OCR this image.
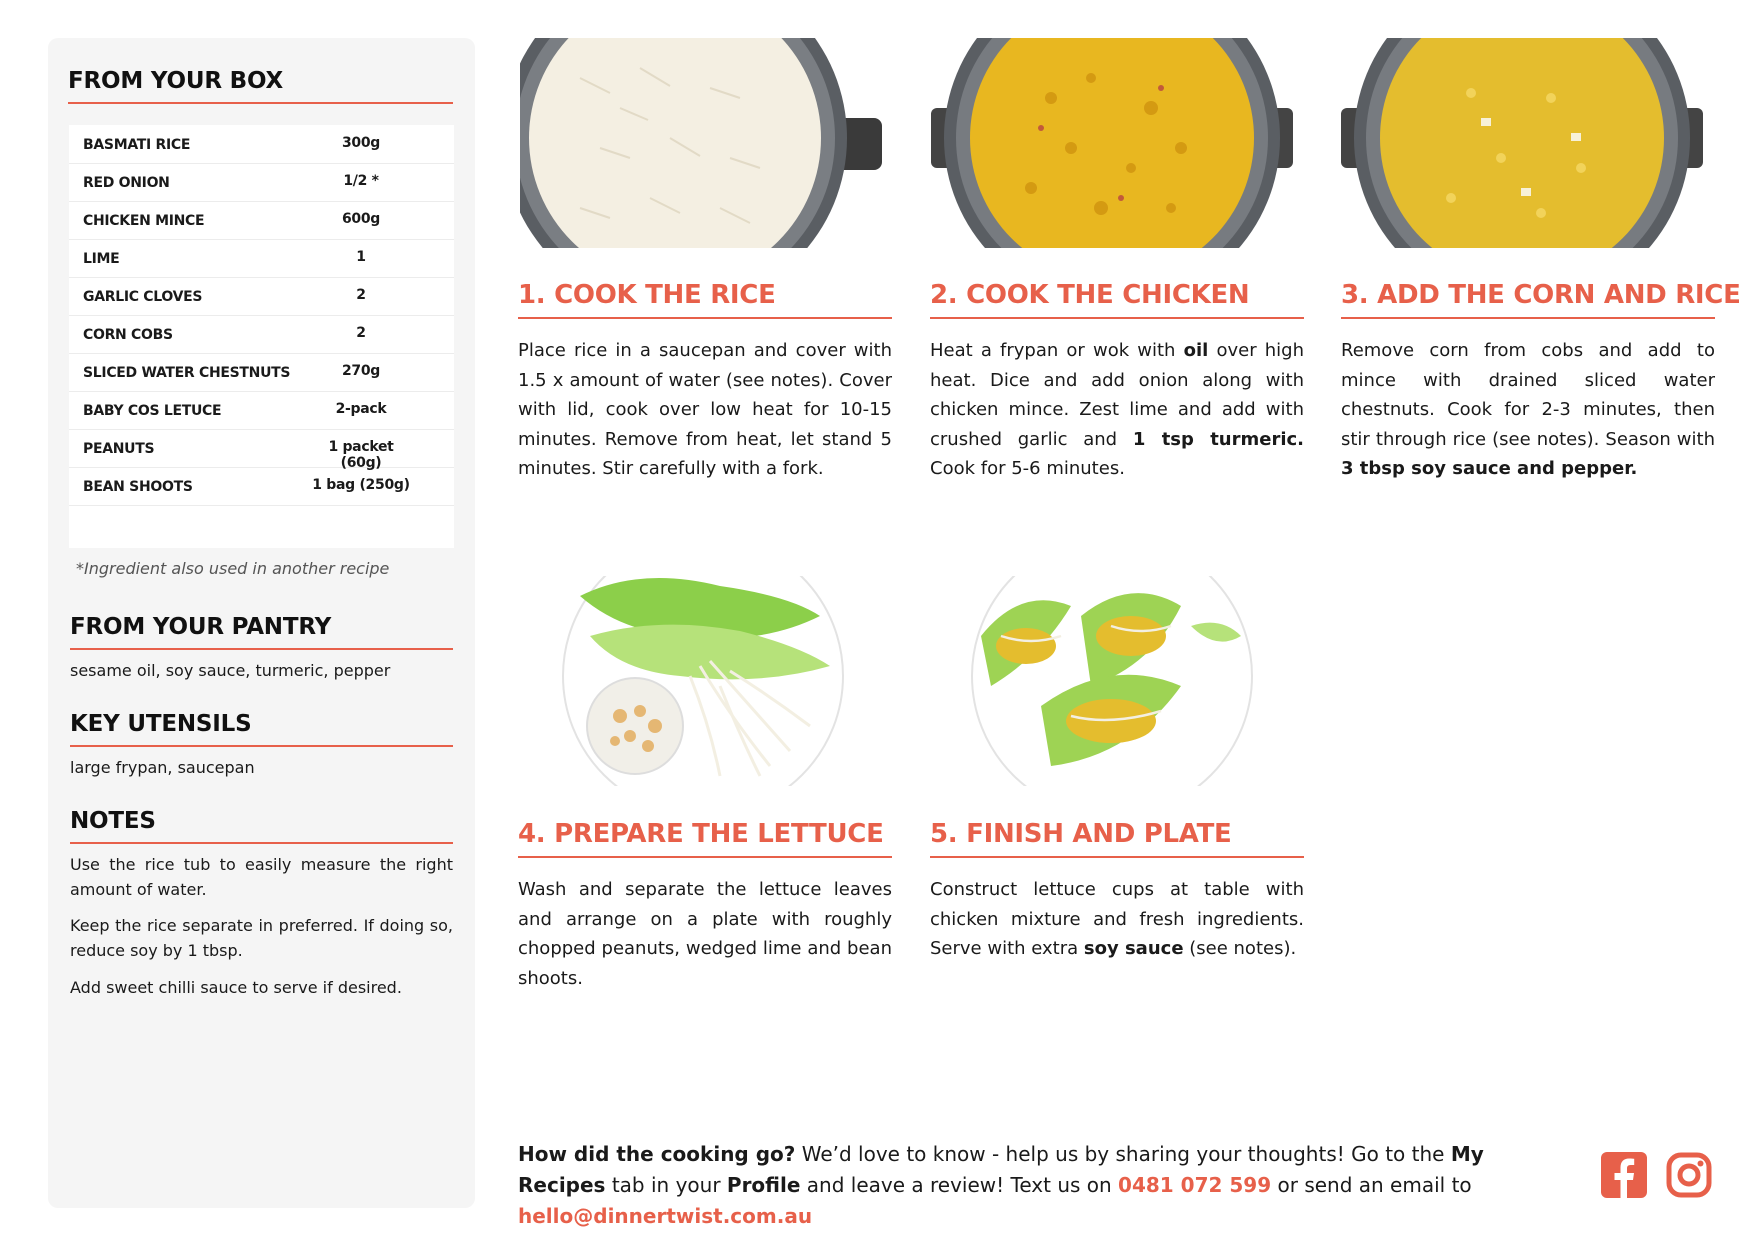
FROM YOUR BOX
BASMATI RICE	300g
RED ONION	1/2 *
CHICKEN MINCE	600g
LIME	1
GARLIC CLOVES	2
CORN COBS	2
SLICED WATER CHESTNUTS	270g
BABY COS LETUCE	2-pack
PEANUTS	1 packet (60g)
BEAN SHOOTS	1 bag (250g)
*Ingredient also used in another recipe
FROM YOUR PANTRY
sesame oil, soy sauce, turmeric, pepper
KEY UTENSILS
large frypan, saucepan
NOTES
Use the rice tub to easily measure the right amount of water.
Keep the rice separate in preferred. If doing so, reduce soy by 1 tbsp.
Add sweet chilli sauce to serve if desired.
1. COOK THE RICE
Place rice in a saucepan and cover with 1.5 x amount of water (see notes). Cover with lid, cook over low heat for 10-15 minutes. Remove from heat, let stand 5 minutes. Stir carefully with a fork.
2. COOK THE CHICKEN
Heat a frypan or wok with oil over high heat. Dice and add onion along with chicken mince. Zest lime and add with crushed garlic and 1 tsp turmeric. Cook for 5-6 minutes.
3. ADD THE CORN AND RICE
Remove corn from cobs and add to mince with drained sliced water chestnuts. Cook for 2-3 minutes, then stir through rice (see notes). Season with 3 tbsp soy sauce and pepper.
4. PREPARE THE LETTUCE
Wash and separate the lettuce leaves and arrange on a plate with roughly chopped peanuts, wedged lime and bean shoots.
5. FINISH AND PLATE
Construct lettuce cups at table with chicken mixture and fresh ingredients. Serve with extra soy sauce (see notes).
How did the cooking go? We’d love to know - help us by sharing your thoughts! Go to the My Recipes tab in your Profile and leave a review! Text us on 0481 072 599 or send an email to hello@dinnertwist.com.au
